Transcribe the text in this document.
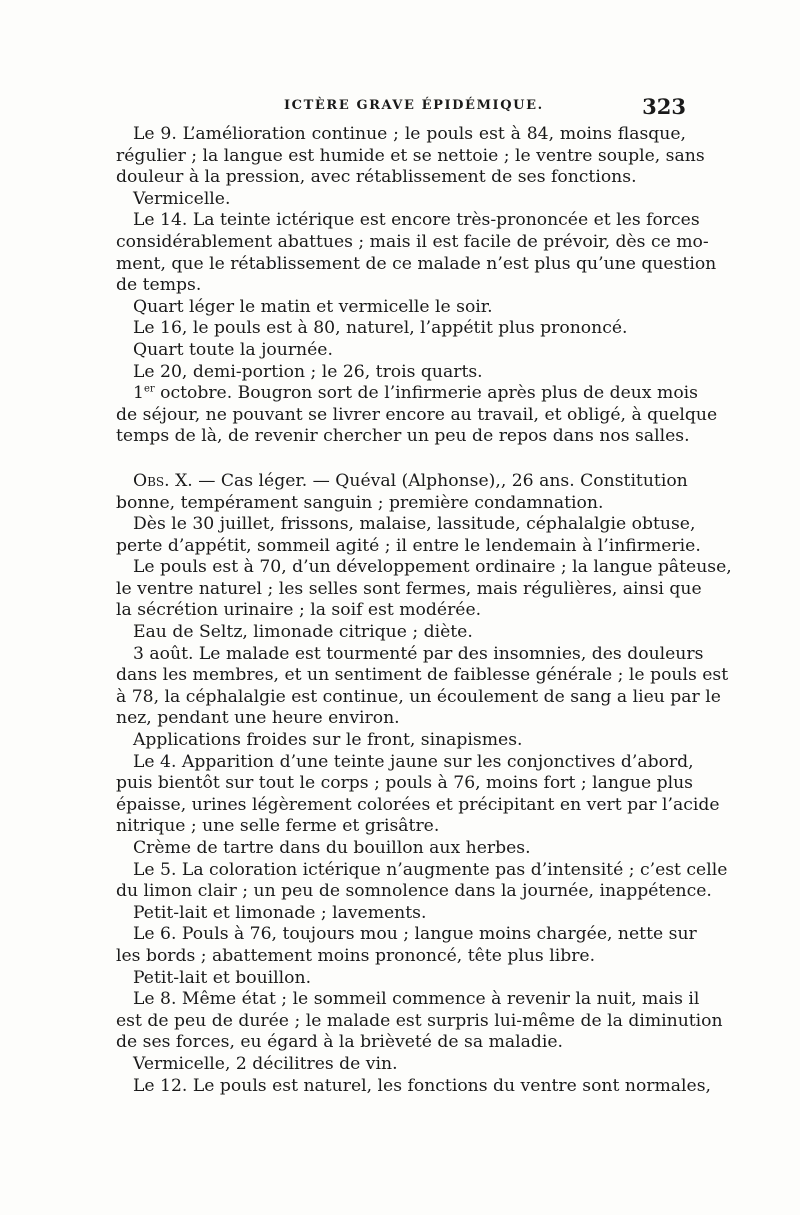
ICTÈRE GRAVE ÉPIDÉMIQUE.	323
Le 9. L’amélioration continue ; le pouls est à 84, moins flasque,
régulier ; la langue est humide et se nettoie ; le ventre souple, sans
douleur à la pression, avec rétablissement de ses fonctions.
Vermicelle.
Le 14. La teinte ictérique est encore très-prononcée et les forces
considérablement abattues ; mais il est facile de prévoir, dès ce mo-
ment, que le rétablissement de ce malade n’est plus qu’une question
de temps.
Quart léger le matin et vermicelle le soir.
Le 16, le pouls est à 80, naturel, l’appétit plus prononcé.
Quart toute la journée.
Le 20, demi-portion ; le 26, trois quarts.
1er octobre. Bougron sort de l’infirmerie après plus de deux mois
de séjour, ne pouvant se livrer encore au travail, et obligé, à quelque
temps de là, de revenir chercher un peu de repos dans nos salles.
Obs. X. — Cas léger. — Quéval (Alphonse),, 26 ans. Constitution
bonne, tempérament sanguin ; première condamnation.
Dès le 30 juillet, frissons, malaise, lassitude, céphalalgie obtuse,
perte d’appétit, sommeil agité ; il entre le lendemain à l’infirmerie.
Le pouls est à 70, d’un développement ordinaire ; la langue pâteuse,
le ventre naturel ; les selles sont fermes, mais régulières, ainsi que
la sécrétion urinaire ; la soif est modérée.
Eau de Seltz, limonade citrique ; diète.
3 août. Le malade est tourmenté par des insomnies, des douleurs
dans les membres, et un sentiment de faiblesse générale ; le pouls est
à 78, la céphalalgie est continue, un écoulement de sang a lieu par le
nez, pendant une heure environ.
Applications froides sur le front, sinapismes.
Le 4. Apparition d’une teinte jaune sur les conjonctives d’abord,
puis bientôt sur tout le corps ; pouls à 76, moins fort ; langue plus
épaisse, urines légèrement colorées et précipitant en vert par l’acide
nitrique ; une selle ferme et grisâtre.
Crème de tartre dans du bouillon aux herbes.
Le 5. La coloration ictérique n’augmente pas d’intensité ; c’est celle
du limon clair ; un peu de somnolence dans la journée, inappétence.
Petit-lait et limonade ; lavements.
Le 6. Pouls à 76, toujours mou ; langue moins chargée, nette sur
les bords ; abattement moins prononcé, tête plus libre.
Petit-lait et bouillon.
Le 8. Même état ; le sommeil commence à revenir la nuit, mais il
est de peu de durée ; le malade est surpris lui-même de la diminution
de ses forces, eu égard à la brièveté de sa maladie.
Vermicelle, 2 décilitres de vin.
Le 12. Le pouls est naturel, les fonctions du ventre sont normales,
